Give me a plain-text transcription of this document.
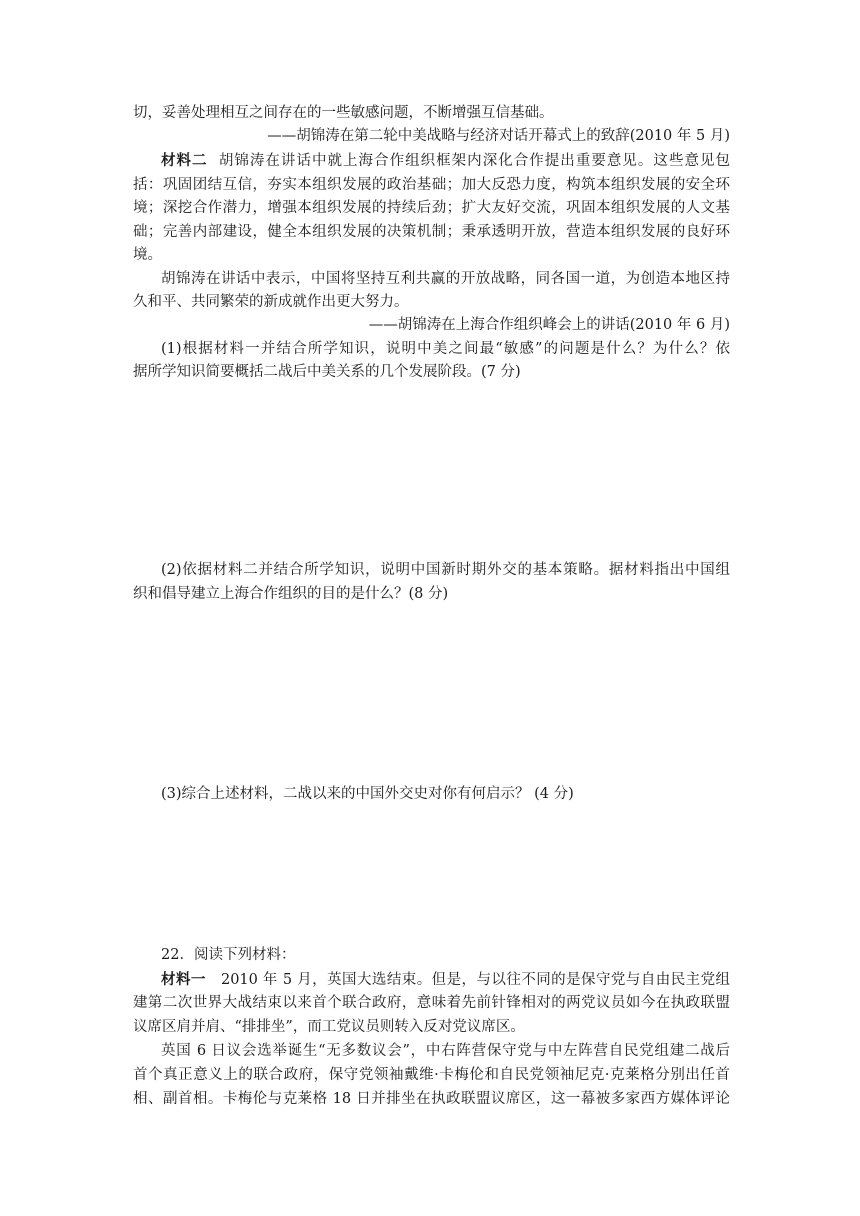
切，妥善处理相互之间存在的一些敏感问题，不断增强互信基础。
——胡锦涛在第二轮中美战略与经济对话开幕式上的致辞(2010 年 5 月)
材料二 胡锦涛在讲话中就上海合作组织框架内深化合作提出重要意见。这些意见包
括：巩固团结互信，夯实本组织发展的政治基础；加大反恐力度，构筑本组织发展的安全环
境；深挖合作潜力，增强本组织发展的持续后劲；扩大友好交流，巩固本组织发展的人文基
础；完善内部建设，健全本组织发展的决策机制；秉承透明开放，营造本组织发展的良好环
境。
胡锦涛在讲话中表示，中国将坚持互利共赢的开放战略，同各国一道，为创造本地区持
久和平、共同繁荣的新成就作出更大努力。
——胡锦涛在上海合作组织峰会上的讲话(2010 年 6 月)
(1)根据材料一并结合所学知识，说明中美之间最“敏感”的问题是什么？为什么？依
据所学知识简要概括二战后中美关系的几个发展阶段。(7 分)
(2)依据材料二并结合所学知识，说明中国新时期外交的基本策略。据材料指出中国组
织和倡导建立上海合作组织的目的是什么？(8 分)
(3)综合上述材料，二战以来的中国外交史对你有何启示？ (4 分)
22．阅读下列材料：
材料一 2010 年 5 月，英国大选结束。但是，与以往不同的是保守党与自由民主党组
建第二次世界大战结束以来首个联合政府，意味着先前针锋相对的两党议员如今在执政联盟
议席区肩并肩、“排排坐”，而工党议员则转入反对党议席区。
英国 6 日议会选举诞生“无多数议会”，中右阵营保守党与中左阵营自民党组建二战后
首个真正意义上的联合政府，保守党领袖戴维·卡梅伦和自民党领袖尼克·克莱格分别出任首
相、副首相。卡梅伦与克莱格 18 日并排坐在执政联盟议席区，这一幕被多家西方媒体评论
